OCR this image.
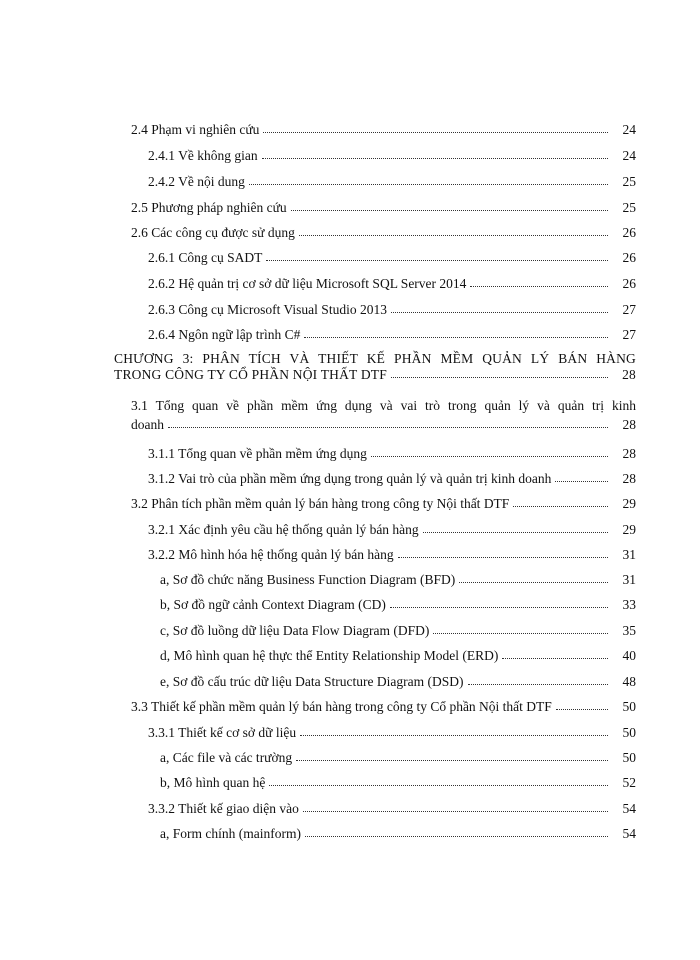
2.4 Phạm vi nghiên cứu	24
2.4.1 Về không gian	24
2.4.2 Về nội dung	25
2.5 Phương pháp nghiên cứu	25
2.6 Các công cụ được sử dụng	26
2.6.1 Công cụ SADT	26
2.6.2 Hệ quản trị cơ sở dữ liệu Microsoft SQL Server 2014	26
2.6.3 Công cụ Microsoft Visual Studio 2013	27
2.6.4 Ngôn ngữ lập trình C#	27
CHƯƠNG 3: PHÂN TÍCH VÀ THIẾT KẾ PHẦN MỀM QUẢN LÝ BÁN HÀNG
TRONG CÔNG TY CỔ PHẦN NỘI THẤT DTF	28
3.1 Tổng quan về phần mềm ứng dụng và vai trò trong quản lý và quản trị kinh
doanh	28
3.1.1 Tổng quan về phần mềm ứng dụng	28
3.1.2 Vai trò của phần mềm ứng dụng trong quản lý và quản trị kinh doanh	28
3.2 Phân tích phần mềm quản lý bán hàng trong công ty Nội thất DTF	29
3.2.1 Xác định yêu cầu hệ thống quản lý bán hàng	29
3.2.2 Mô hình hóa hệ thống quản lý bán hàng	31
a, Sơ đồ chức năng Business Function Diagram (BFD)	31
b, Sơ đồ ngữ cảnh Context Diagram (CD)	33
c, Sơ đồ luồng dữ liệu Data Flow Diagram (DFD)	35
d, Mô hình quan hệ thực thể Entity Relationship Model (ERD)	40
e, Sơ đồ cấu trúc dữ liệu Data Structure Diagram (DSD)	48
3.3 Thiết kế phần mềm quản lý bán hàng trong công ty Cổ phần Nội thất DTF	50
3.3.1 Thiết kế cơ sở dữ liệu	50
a, Các file và các trường	50
b, Mô hình quan hệ	52
3.3.2 Thiết kế giao diện vào	54
a, Form chính (mainform)	54
